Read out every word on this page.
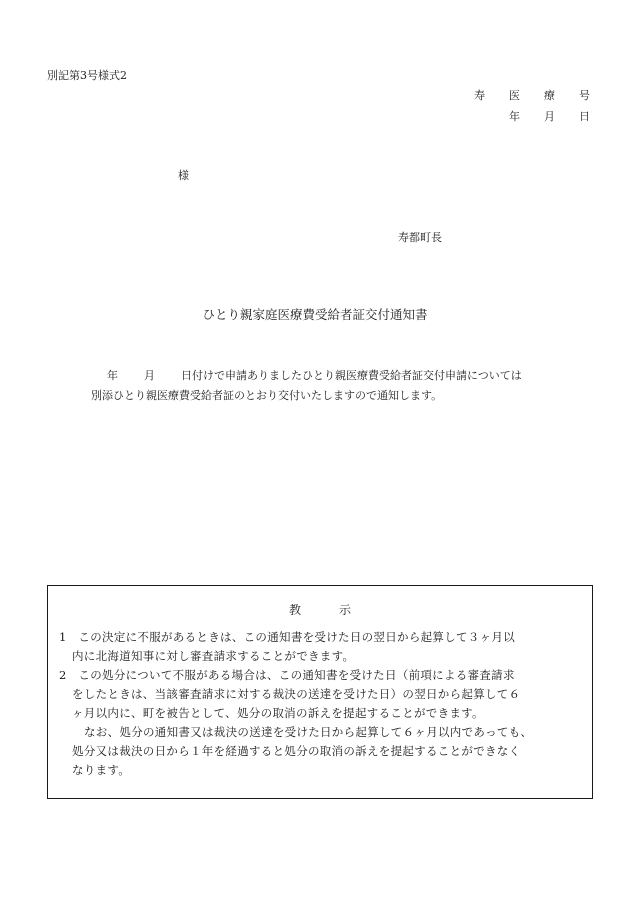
別記第3号様式2
寿 医 療 号
年 月 日
様
寿都町長
ひとり親家庭医療費受給者証交付通知書
年 月 日付けで申請ありましたひとり親医療費受給者証交付申請については
別添ひとり親医療費受給者証のとおり交付いたしますので通知します。
教示
1　この決定に不服があるときは、この通知書を受けた日の翌日から起算して３ヶ月以
内に北海道知事に対し審査請求することができます。
2　この処分について不服がある場合は、この通知書を受けた日（前項による審査請求
をしたときは、当該審査請求に対する裁決の送達を受けた日）の翌日から起算して６
ヶ月以内に、町を被告として、処分の取消の訴えを提起することができます。
なお、処分の通知書又は裁決の送達を受けた日から起算して６ヶ月以内であっても、
処分又は裁決の日から１年を経過すると処分の取消の訴えを提起することができなく
なります。
